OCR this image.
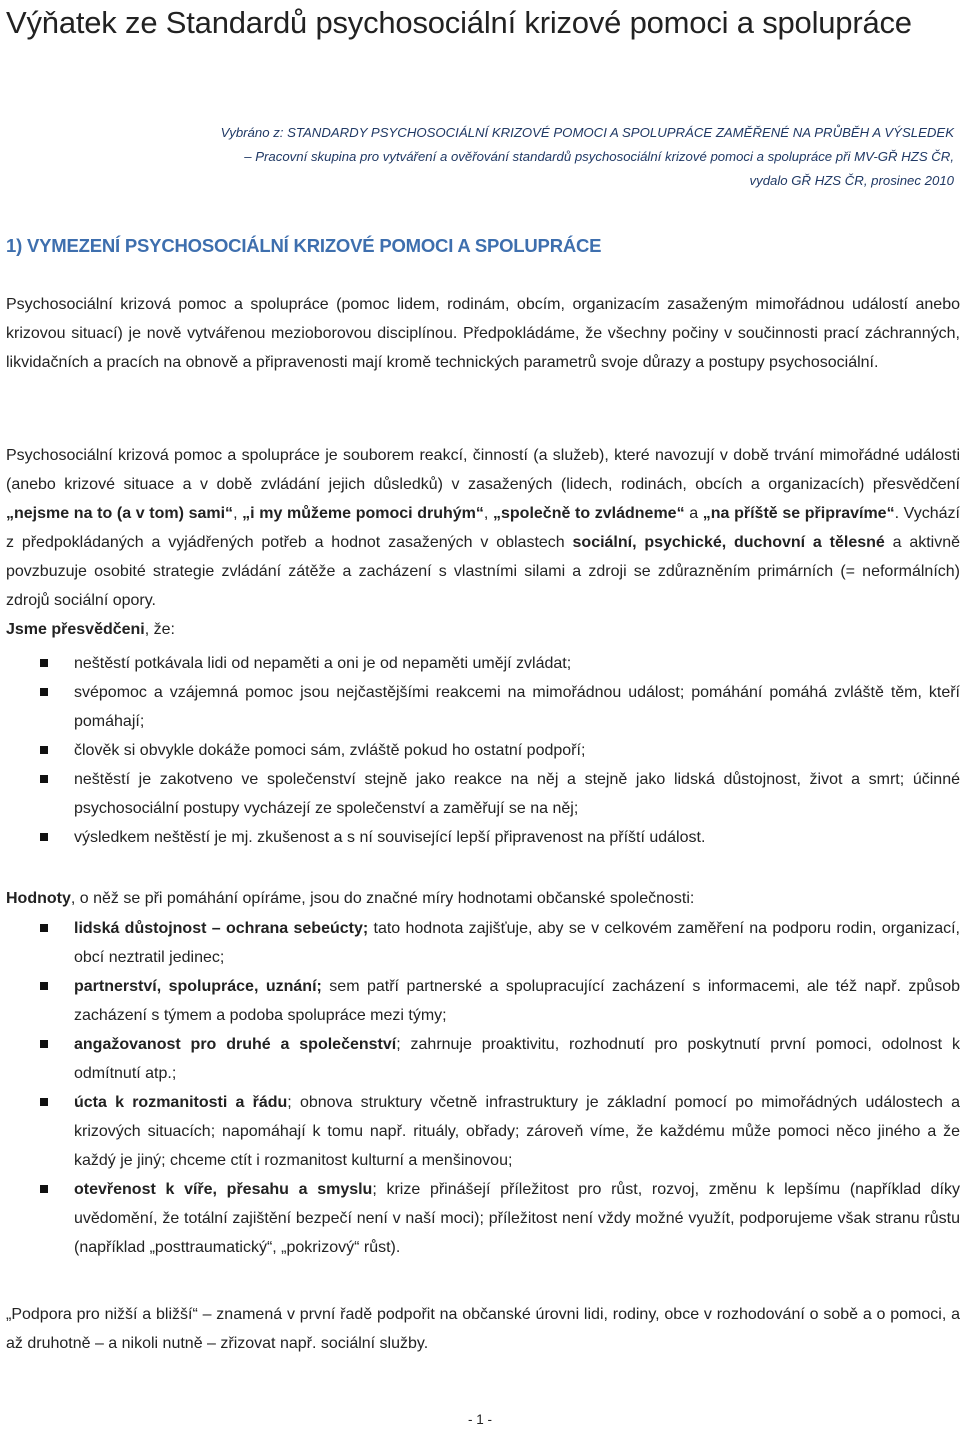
Výňatek ze Standardů psychosociální krizové pomoci a spolupráce
Vybráno z: STANDARDY PSYCHOSOCIÁLNÍ KRIZOVÉ POMOCI A SPOLUPRÁCE ZAMĚŘENÉ NA PRŮBĚH A VÝSLEDEK
– Pracovní skupina pro vytváření a ověřování standardů psychosociální krizové pomoci a spolupráce při MV-GŘ HZS ČR,
vydalo GŘ HZS ČR, prosinec 2010
1) VYMEZENÍ PSYCHOSOCIÁLNÍ KRIZOVÉ POMOCI A SPOLUPRÁCE

Psychosociální krizová pomoc a spolupráce (pomoc lidem, rodinám, obcím, organizacím zasaženým mimořádnou událostí anebo krizovou situací) je nově vytvářenou mezioborovou disciplínou. Předpokládáme, že všechny počiny v součinnosti prací záchranných, likvidačních a pracích na obnově a připravenosti mají kromě technických parametrů svoje důrazy a postupy psychosociální.

Psychosociální krizová pomoc a spolupráce je souborem reakcí, činností (a služeb), které navozují v době trvání mimořádné události (anebo krizové situace a v době zvládání jejich důsledků) v zasažených (lidech, rodinách, obcích a organizacích) přesvědčení „nejsme na to (a v tom) sami“, „i my můžeme pomoci druhým“, „společně to zvládneme“ a „na příště se připravíme“. Vychází z předpokládaných a vyjádřených potřeb a hodnot zasažených v oblastech sociální, psychické, duchovní a tělesné a aktivně povzbuzuje osobité strategie zvládání zátěže a zacházení s vlastními silami a zdroji se zdůrazněním primárních (= neformálních) zdrojů sociální opory.
Jsme přesvědčeni, že:

neštěstí potkávala lidi od nepaměti a oni je od nepaměti umějí zvládat;
svépomoc a vzájemná pomoc jsou nejčastějšími reakcemi na mimořádnou událost; pomáhání pomáhá zvláště těm, kteří pomáhají;
člověk si obvykle dokáže pomoci sám, zvláště pokud ho ostatní podpoří;
neštěstí je zakotveno ve společenství stejně jako reakce na něj a stejně jako lidská důstojnost, život a smrt; účinné psychosociální postupy vycházejí ze společenství a zaměřují se na něj;
výsledkem neštěstí je mj. zkušenost a s ní související lepší připravenost na příští událost.

Hodnoty, o něž se při pomáhání opíráme, jsou do značné míry hodnotami občanské společnosti:

lidská důstojnost – ochrana sebeúcty; tato hodnota zajišťuje, aby se v celkovém zaměření na podporu rodin, organizací, obcí neztratil jedinec;
partnerství, spolupráce, uznání; sem patří partnerské a spolupracující zacházení s informacemi, ale též např. způsob zacházení s týmem a podoba spolupráce mezi týmy;
angažovanost pro druhé a společenství; zahrnuje proaktivitu, rozhodnutí pro poskytnutí první pomoci, odolnost k odmítnutí atp.;
úcta k rozmanitosti a řádu; obnova struktury včetně infrastruktury je základní pomocí po mimořádných událostech a krizových situacích; napomáhají k tomu např. rituály, obřady; zároveň víme, že každému může pomoci něco jiného a že každý je jiný; chceme ctít i rozmanitost kulturní a menšinovou;
otevřenost k víře, přesahu a smyslu; krize přinášejí příležitost pro růst, rozvoj, změnu k lepšímu (například díky uvědomění, že totální zajištění bezpečí není v naší moci); příležitost není vždy možné využít, podporujeme však stranu růstu (například „posttraumatický“, „pokrizový“ růst).

„Podpora pro nižší a bližší“ – znamená v první řadě podpořit na občanské úrovni lidi, rodiny, obce v rozhodování o sobě a o pomoci, a až druhotně – a nikoli nutně – zřizovat např. sociální služby.

- 1 -
